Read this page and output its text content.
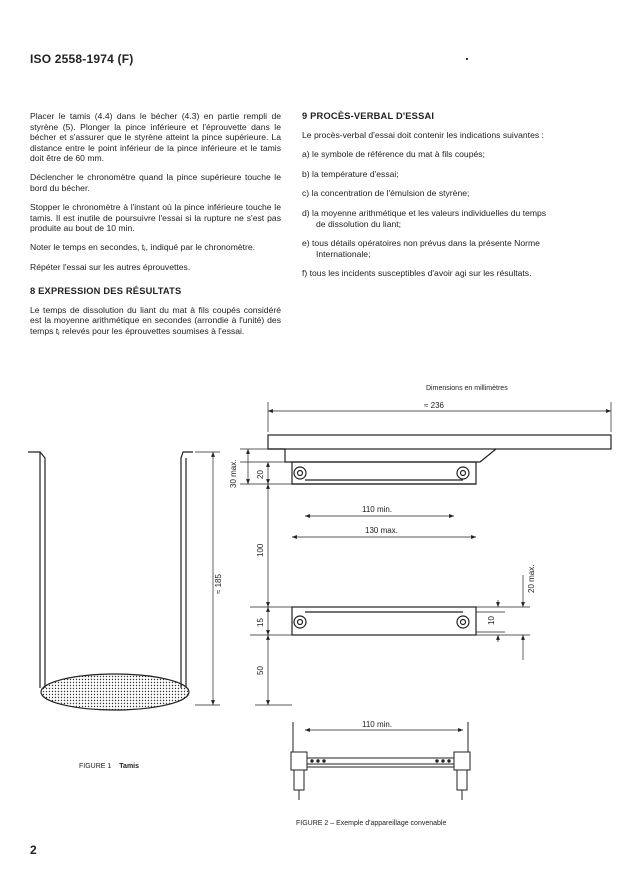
ISO 2558-1974 (F)

Placer le tamis (4.4) dans le bécher (4.3) en partie rempli de styrène (5). Plonger la pince inférieure et l'éprouvette dans le bécher et s'assurer que le styrène atteint la pince supérieure. La distance entre le point inférieur de la pince inférieure et le tamis doit être de 60 mm.

Déclencher le chronomètre quand la pince supérieure touche le bord du bécher.

Stopper le chronomètre à l'instant où la pince inférieure touche le tamis. Il est inutile de poursuivre l'essai si la rupture ne s'est pas produite au bout de 10 min.

Noter le temps en secondes, tⱼ, indiqué par le chronomètre.

Répéter l'essai sur les autres éprouvettes.

8 EXPRESSION DES RÉSULTATS

Le temps de dissolution du liant du mat à fils coupés considéré est la moyenne arithmétique en secondes (arrondie à l'unité) des temps tⱼ relevés pour les éprouvettes soumises à l'essai.

9 PROCÈS-VERBAL D'ESSAI

Le procès-verbal d'essai doit contenir les indications suivantes :

a) le symbole de référence du mat à fils coupés;

b) la température d'essai;

c) la concentration de l'émulsion de styrène;

d) la moyenne arithmétique et les valeurs individuelles du temps de dissolution du liant;

e) tous détails opératoires non prévus dans la présente Norme Internationale;

f) tous les incidents susceptibles d'avoir agi sur les résultats.

Dimensions en millimètres
≈ 185
≈ 236
30 max. 20
110 min.
130 max.
100
20 max.
15	10
50
110 min.
FIGURE 1 Tamis
FIGURE 2 – Exemple d'appareillage convenable
2
